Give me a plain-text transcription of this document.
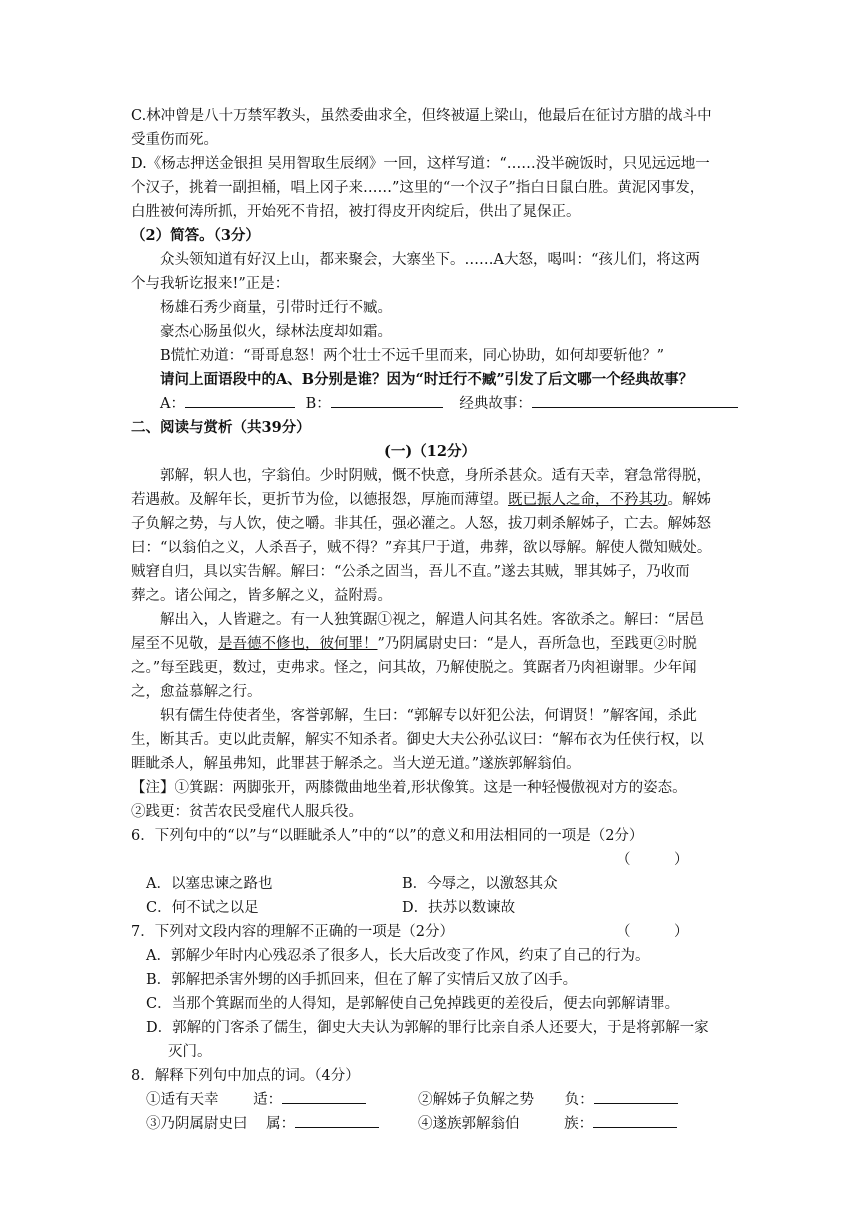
C.林冲曾是八十万禁军教头，虽然委曲求全，但终被逼上梁山，他最后在征讨方腊的战斗中
受重伤而死。
D.《杨志押送金银担 吴用智取生辰纲》一回，这样写道：“……没半碗饭时，只见远远地一
个汉子，挑着一副担桶，唱上冈子来……”这里的“一个汉子”指白日鼠白胜。黄泥冈事发，
白胜被何涛所抓，开始死不肯招，被打得皮开肉绽后，供出了晁保正。
（2）简答。（3分）
众头领知道有好汉上山，都来聚会，大寨坐下。……A大怒，喝叫：“孩儿们，将这两
个与我斩讫报来!”正是：
杨雄石秀少商量，引带时迁行不臧。
豪杰心肠虽似火，绿林法度却如霜。
B慌忙劝道：“哥哥息怒！两个壮士不远千里而来，同心协助，如何却要斩他？”
请问上面语段中的A、B分别是谁？因为“时迁行不臧”引发了后文哪一个经典故事？
A：	B：	经典故事：
二、阅读与赏析（共39分）
(一)（12分）
郭解，轵人也，字翁伯。少时阴贼，慨不快意，身所杀甚众。适有天幸，窘急常得脱，
若遇赦。及解年长，更折节为俭，以德报怨，厚施而薄望。既已振人之命，不矜其功。解姊
子负解之势，与人饮，使之嚼。非其任，强必灌之。人怒，拔刀刺杀解姊子，亡去。解姊怒
曰：“以翁伯之义，人杀吾子，贼不得？”弃其尸于道，弗葬，欲以辱解。解使人微知贼处。
贼窘自归，具以实告解。解曰：“公杀之固当，吾儿不直。”遂去其贼，罪其姊子，乃收而
葬之。诸公闻之，皆多解之义，益附焉。
解出入，人皆避之。有一人独箕踞①视之，解遣人问其名姓。客欲杀之。解曰：“居邑
屋至不见敬，是吾德不修也，彼何罪！”乃阴属尉史曰：“是人，吾所急也，至践更②时脱
之。”每至践更，数过，吏弗求。怪之，问其故，乃解使脱之。箕踞者乃肉袒谢罪。少年闻
之，愈益慕解之行。
轵有儒生侍使者坐，客誉郭解，生曰：“郭解专以奸犯公法，何谓贤！”解客闻，杀此
生，断其舌。吏以此责解，解实不知杀者。御史大夫公孙弘议曰：“解布衣为任侠行权，以
睚眦杀人，解虽弗知，此罪甚于解杀之。当大逆无道。”遂族郭解翁伯。
【注】①箕踞：两脚张开，两膝微曲地坐着,形状像箕。这是一种轻慢傲视对方的姿态。
②践更：贫苦农民受雇代人服兵役。
6．下列句中的“以”与“以睚眦杀人”中的“以”的意义和用法相同的一项是（2分）
（　　　）
A．以塞忠谏之路也	B．今辱之，以激怒其众
C．何不试之以足	D．扶苏以数谏故
7．下列对文段内容的理解不正确的一项是（2分）	（　　　）
A．郭解少年时内心残忍杀了很多人，长大后改变了作风，约束了自己的行为。
B．郭解把杀害外甥的凶手抓回来，但在了解了实情后又放了凶手。
C．当那个箕踞而坐的人得知，是郭解使自己免掉践更的差役后，便去向郭解请罪。
D．郭解的门客杀了儒生，御史大夫认为郭解的罪行比亲自杀人还要大，于是将郭解一家
灭门。
8．解释下列句中加点的词。（4分）
①适有天幸 适：	②解姊子负解之势 负：
③乃阴属尉史曰 属：	④遂族郭解翁伯	族：
